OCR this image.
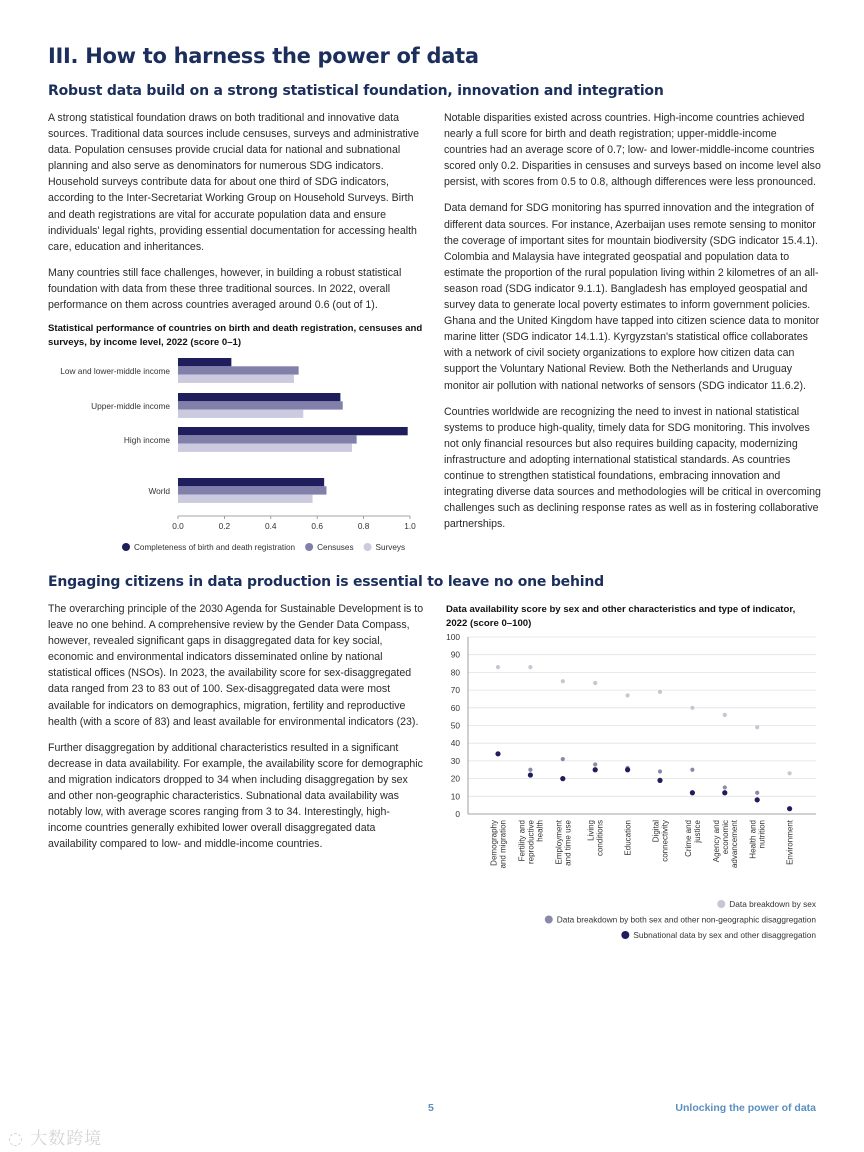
III. How to harness the power of data
Robust data build on a strong statistical foundation, innovation and integration

A strong statistical foundation draws on both traditional and innovative data sources. Traditional data sources include censuses, surveys and administrative data. Population censuses provide crucial data for national and subnational planning and also serve as denominators for numerous SDG indicators. Household surveys contribute data for about one third of SDG indicators, according to the Inter-Secretariat Working Group on Household Surveys. Birth and death registrations are vital for accurate population data and ensure individuals' legal rights, providing essential documentation for accessing health care, education and inheritances.

Many countries still face challenges, however, in building a robust statistical foundation with data from these three traditional sources. In 2022, overall performance on them across countries averaged around 0.6 (out of 1).

Statistical performance of countries on birth and death registration, censuses and surveys, by income level, 2022 (score 0–1)
Low and lower-middle income
Upper-middle income
High income
World
0.0	0.2	0.4	0.6	0.8	1.0
Completeness of birth and death registration	Censuses	Surveys

Notable disparities existed across countries. High-income countries achieved nearly a full score for birth and death registration; upper-middle-income countries had an average score of 0.7; low- and lower-middle-income countries scored only 0.2. Disparities in censuses and surveys based on income level also persist, with scores from 0.5 to 0.8, although differences were less pronounced.

Data demand for SDG monitoring has spurred innovation and the integration of different data sources. For instance, Azerbaijan uses remote sensing to monitor the coverage of important sites for mountain biodiversity (SDG indicator 15.4.1). Colombia and Malaysia have integrated geospatial and population data to estimate the proportion of the rural population living within 2 kilometres of an all-season road (SDG indicator 9.1.1). Bangladesh has employed geospatial and survey data to generate local poverty estimates to inform government policies. Ghana and the United Kingdom have tapped into citizen science data to monitor marine litter (SDG indicator 14.1.1). Kyrgyzstan's statistical office collaborates with a network of civil society organizations to explore how citizen data can support the Voluntary National Review. Both the Netherlands and Uruguay monitor air pollution with national networks of sensors (SDG indicator 11.6.2).

Countries worldwide are recognizing the need to invest in national statistical systems to produce high-quality, timely data for SDG monitoring. This involves not only financial resources but also requires building capacity, modernizing infrastructure and adopting international statistical standards. As countries continue to strengthen statistical foundations, embracing innovation and integrating diverse data sources and methodologies will be critical in overcoming challenges such as declining response rates as well as in fostering collaborative partnerships.

Engaging citizens in data production is essential to leave no one behind

The overarching principle of the 2030 Agenda for Sustainable Development is to leave no one behind. A comprehensive review by the Gender Data Compass, however, revealed significant gaps in disaggregated data for key social, economic and environmental indicators disseminated online by national statistical offices (NSOs). In 2023, the availability score for sex-disaggregated data ranged from 23 to 83 out of 100. Sex-disaggregated data were most available for indicators on demographics, migration, fertility and reproductive health (with a score of 83) and least available for environmental indicators (23).

Further disaggregation by additional characteristics resulted in a significant decrease in data availability. For example, the availability score for demographic and migration indicators dropped to 34 when including disaggregation by sex and other non-geographic characteristics. Subnational data availability was notably low, with average scores ranging from 3 to 34. Interestingly, high-income countries generally exhibited lower overall disaggregated data availability compared to low- and middle-income countries.

Data availability score by sex and other characteristics and type of indicator, 2022 (score 0–100)
0
10
20
30
40
50
60
70
80
90
100
Demographyand migration Fertility andreproductivehealth Employmentand time use Livingconditions Education Digitalconnectivity Crime andjustice Agency andeconomicadvancement Health andnutrition Environment
Data breakdown by sex
Data breakdown by both sex and other non-geographic disaggregation
Subnational data by sex and other disaggregation
5	Unlocking the power of data
◌ 大数跨境
